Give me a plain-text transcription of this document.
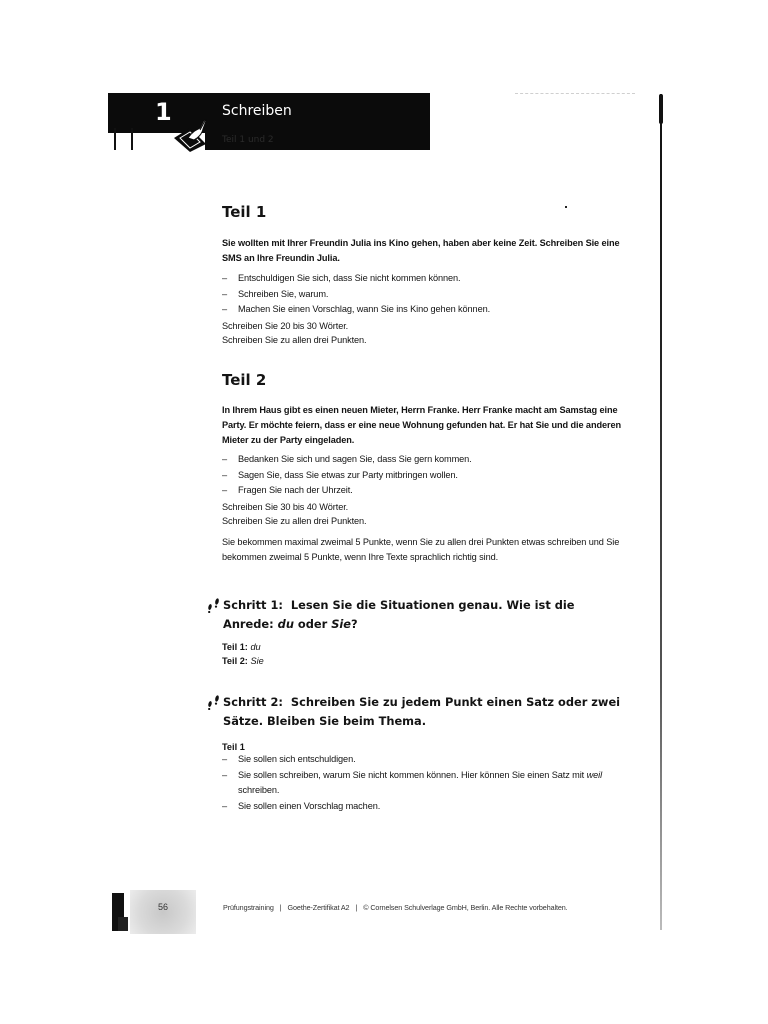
1	Schreiben
Teil 1 und 2
Teil 1

Sie wollten mit Ihrer Freundin Julia ins Kino gehen, haben aber keine Zeit. Schreiben Sie eine SMS an Ihre Freundin Julia.

– Entschuldigen Sie sich, dass Sie nicht kommen können.
– Schreiben Sie, warum.
– Machen Sie einen Vorschlag, wann Sie ins Kino gehen können.

Schreiben Sie 20 bis 30 Wörter.

Schreiben Sie zu allen drei Punkten.

Teil 2

In Ihrem Haus gibt es einen neuen Mieter, Herrn Franke. Herr Franke macht am Samstag eine Party. Er möchte feiern, dass er eine neue Wohnung gefunden hat. Er hat Sie und die anderen Mieter zu der Party eingeladen.

– Bedanken Sie sich und sagen Sie, dass Sie gern kommen.
– Sagen Sie, dass Sie etwas zur Party mitbringen wollen.
– Fragen Sie nach der Uhrzeit.

Schreiben Sie 30 bis 40 Wörter.

Schreiben Sie zu allen drei Punkten.

Sie bekommen maximal zweimal 5 Punkte, wenn Sie zu allen drei Punkten etwas schreiben und Sie bekommen zweimal 5 Punkte, wenn Ihre Texte sprachlich richtig sind.

Schritt 1: Lesen Sie die Situationen genau. Wie ist die Anrede: du oder Sie?

Teil 1: du

Teil 2: Sie

Schritt 2: Schreiben Sie zu jedem Punkt einen Satz oder zwei Sätze. Bleiben Sie beim Thema.

Teil 1

– Sie sollen sich entschuldigen.
– Sie sollen schreiben, warum Sie nicht kommen können. Hier können Sie einen Satz mit weil schreiben.
– Sie sollen einen Vorschlag machen.
56	Prüfungstraining | Goethe-Zertifikat A2 | © Cornelsen Schulverlage GmbH, Berlin. Alle Rechte vorbehalten.
